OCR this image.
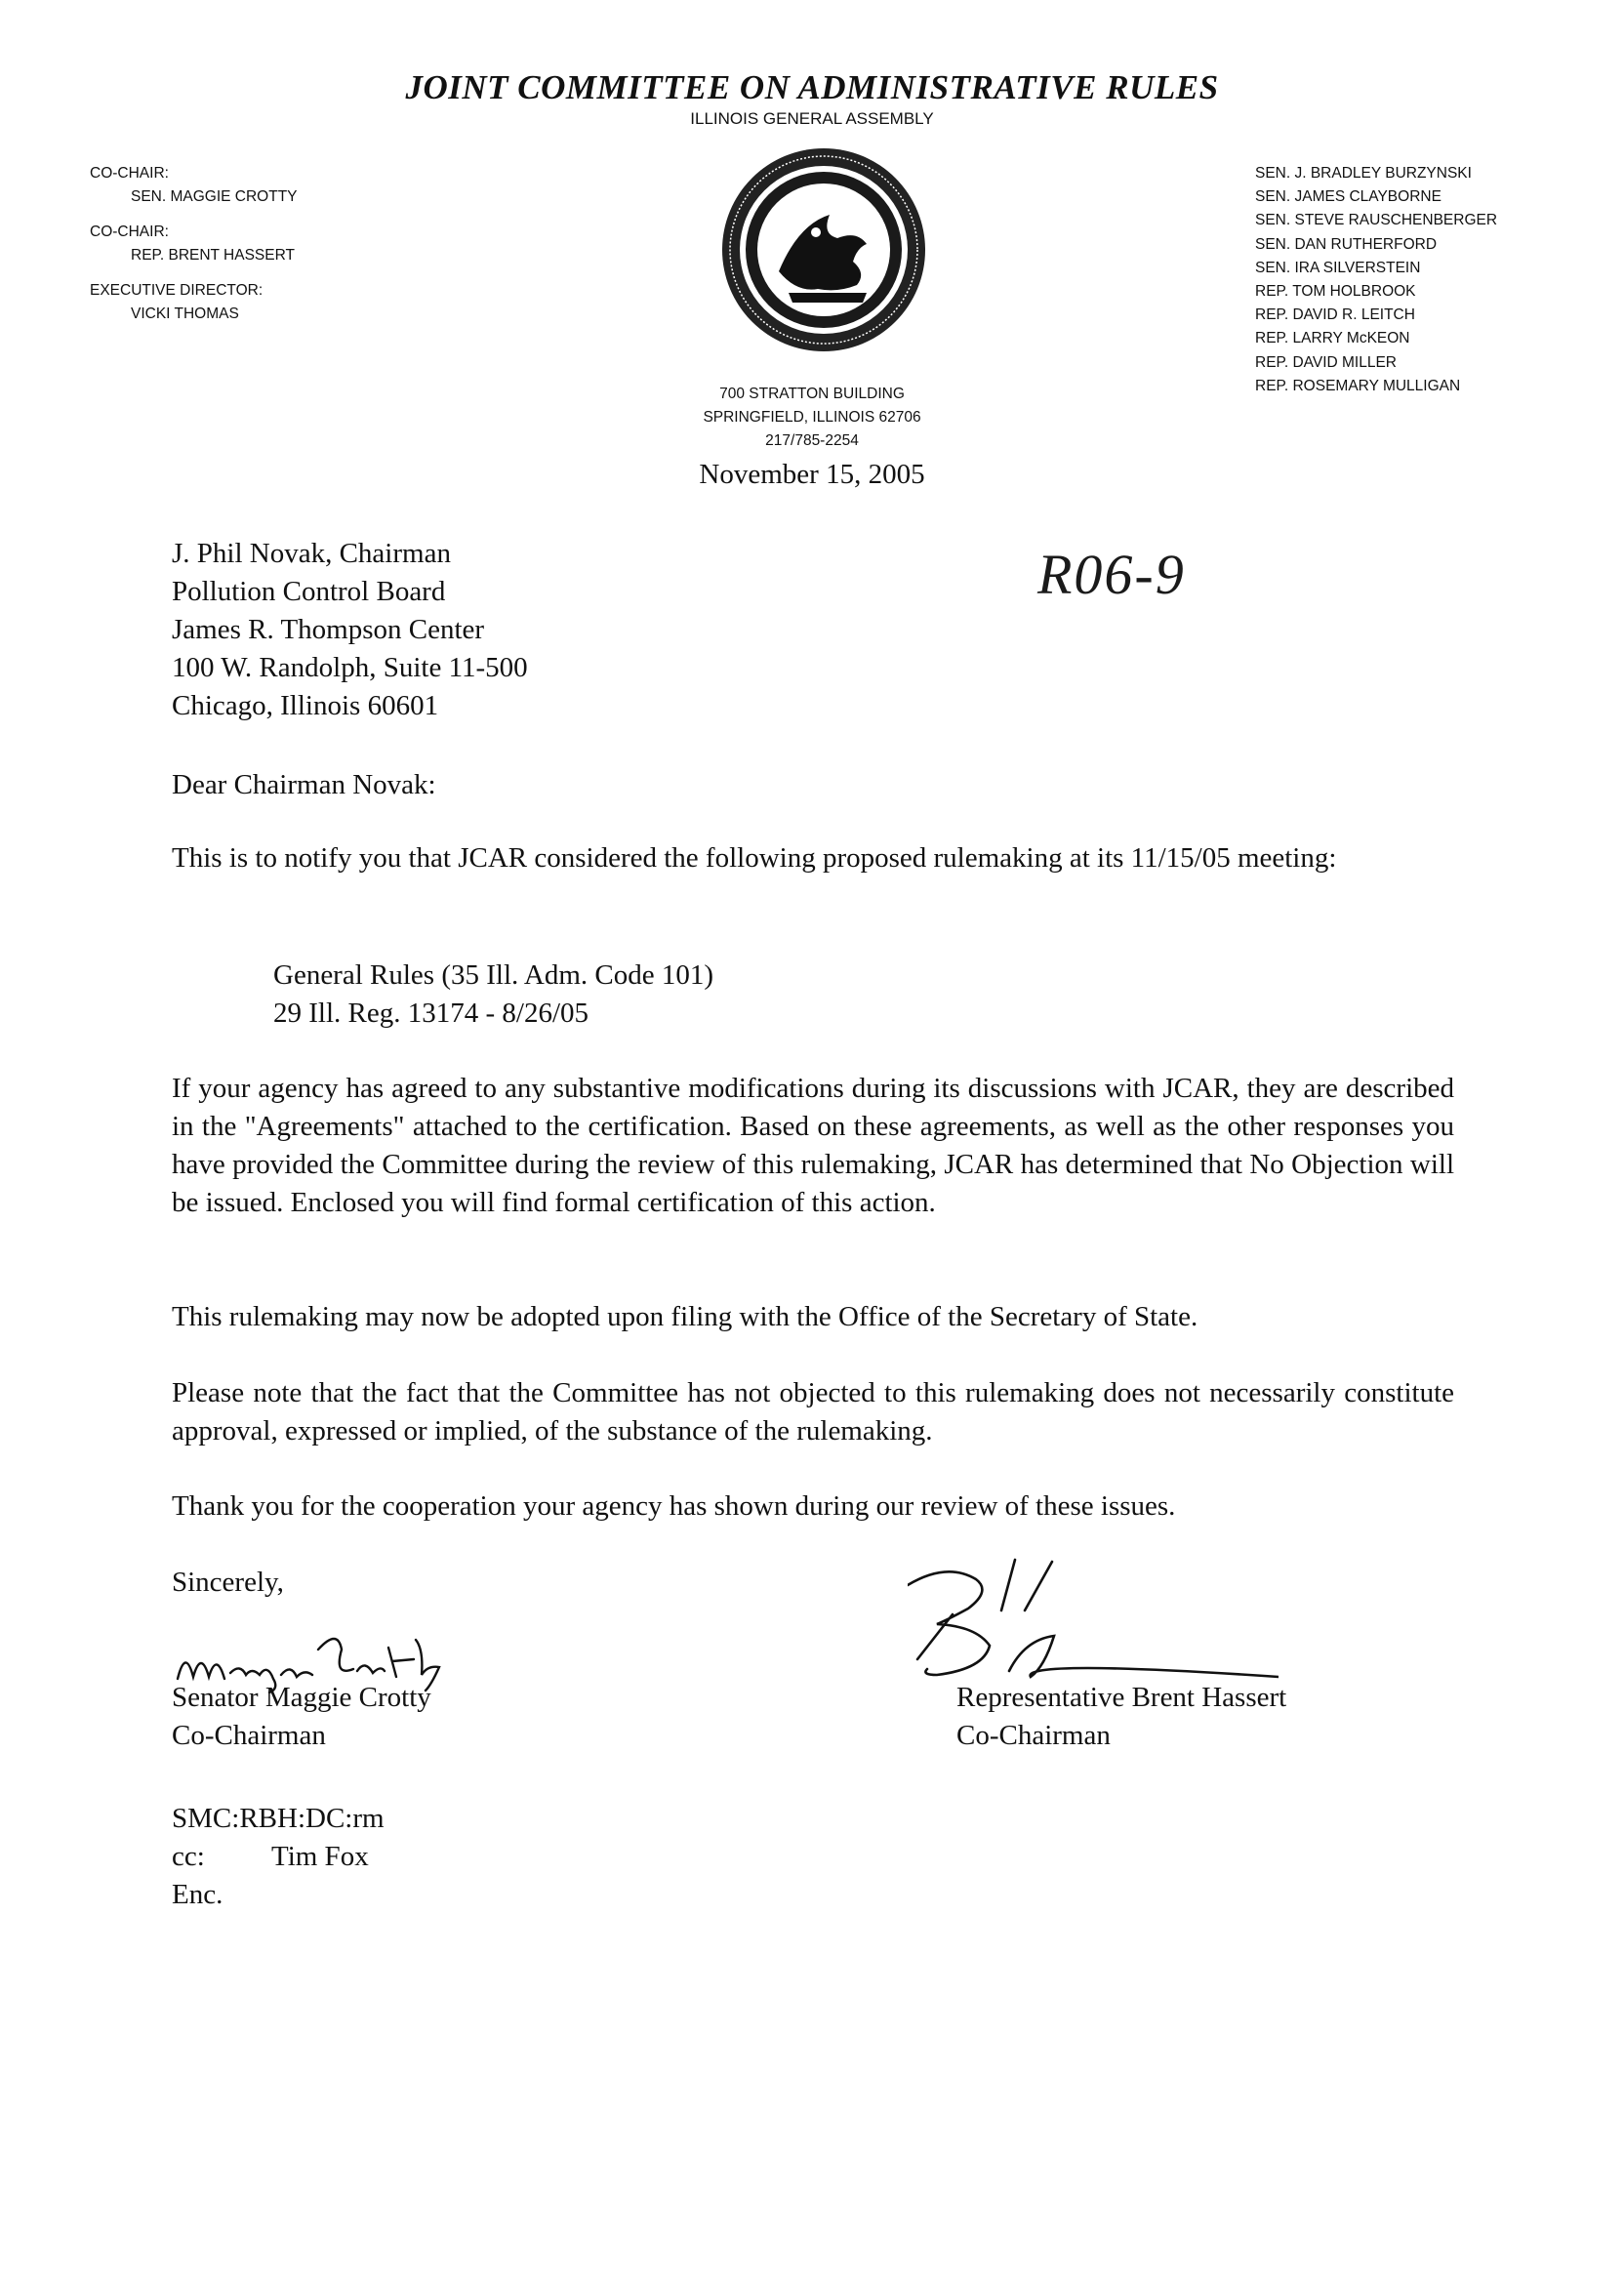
JOINT COMMITTEE ON ADMINISTRATIVE RULES
ILLINOIS GENERAL ASSEMBLY
CO-CHAIR:
SEN. MAGGIE CROTTY
CO-CHAIR:
REP. BRENT HASSERT
EXECUTIVE DIRECTOR:
VICKI THOMAS
SEN. J. BRADLEY BURZYNSKI
SEN. JAMES CLAYBORNE
SEN. STEVE RAUSCHENBERGER
SEN. DAN RUTHERFORD
SEN. IRA SILVERSTEIN
REP. TOM HOLBROOK
REP. DAVID R. LEITCH
REP. LARRY McKEON
REP. DAVID MILLER
REP. ROSEMARY MULLIGAN
700 STRATTON BUILDING
SPRINGFIELD, ILLINOIS 62706
217/785-2254
November 15, 2005
J. Phil Novak, Chairman
Pollution Control Board
James R. Thompson Center
100 W. Randolph, Suite 11-500
Chicago, Illinois 60601
R06-9
Dear Chairman Novak:
This is to notify you that JCAR considered the following proposed rulemaking at its 11/15/05 meeting:
General Rules (35 Ill. Adm. Code 101)
29 Ill. Reg. 13174 - 8/26/05
If your agency has agreed to any substantive modifications during its discussions with JCAR, they are described in the "Agreements" attached to the certification. Based on these agreements, as well as the other responses you have provided the Committee during the review of this rulemaking, JCAR has determined that No Objection will be issued. Enclosed you will find formal certification of this action.
This rulemaking may now be adopted upon filing with the Office of the Secretary of State.
Please note that the fact that the Committee has not objected to this rulemaking does not necessarily constitute approval, expressed or implied, of the substance of the rulemaking.
Thank you for the cooperation your agency has shown during our review of these issues.
Sincerely,
Senator Maggie Crotty
Co-Chairman
Representative Brent Hassert
Co-Chairman
SMC:RBH:DC:rm
cc: Tim Fox
Enc.
